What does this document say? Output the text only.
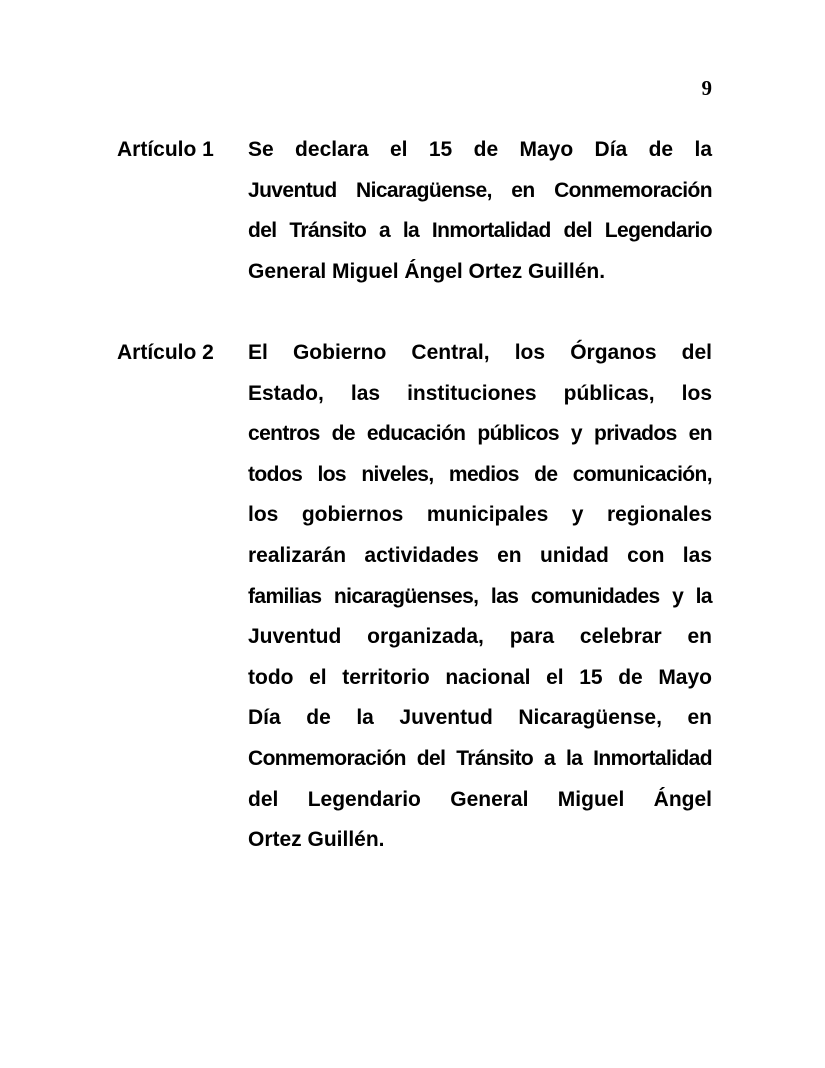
9
Artículo 1 Se declara el 15 de Mayo Día de la
Juventud Nicaragüense, en Conmemoración
del Tránsito a la Inmortalidad del Legendario
General Miguel Ángel Ortez Guillén.
Artículo 2 El Gobierno Central, los Órganos del
Estado, las instituciones públicas, los
centros de educación públicos y privados en
todos los niveles, medios de comunicación,
los gobiernos municipales y regionales
realizarán actividades en unidad con las
familias nicaragüenses, las comunidades y la
Juventud organizada, para celebrar en
todo el territorio nacional el 15 de Mayo
Día de la Juventud Nicaragüense, en
Conmemoración del Tránsito a la Inmortalidad
del Legendario General Miguel Ángel
Ortez Guillén.
